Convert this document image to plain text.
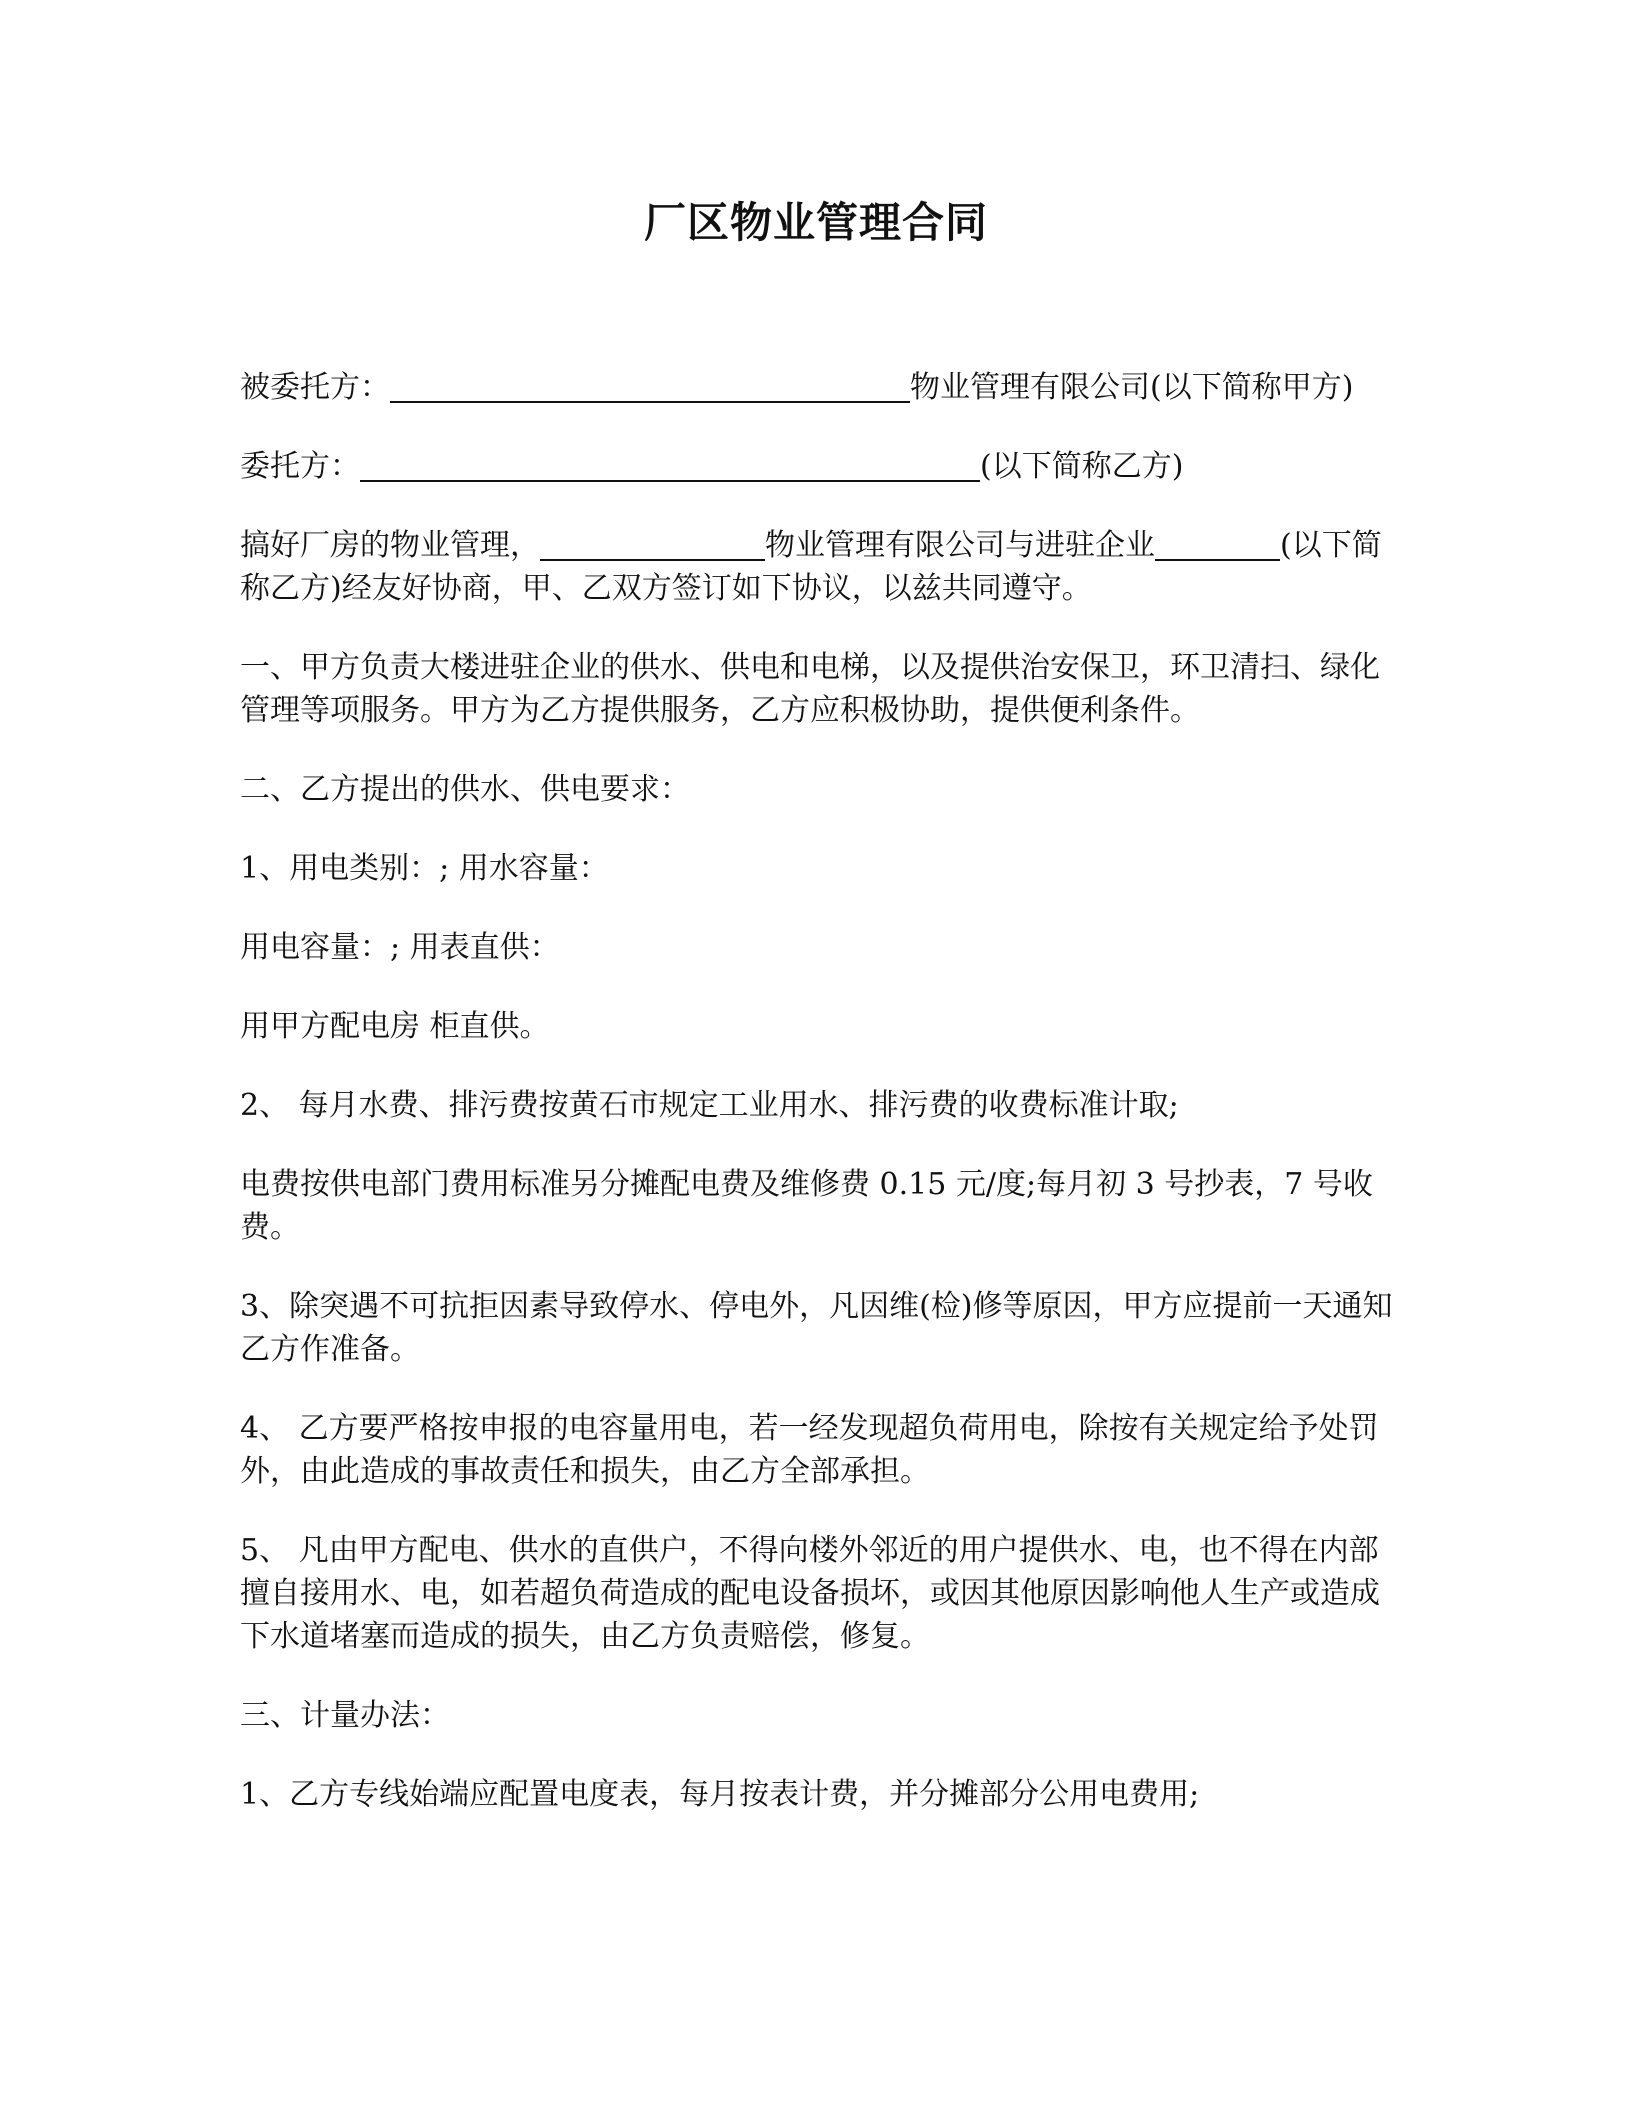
厂区物业管理合同

被委托方：	物业管理有限公司(以下简称甲方)

委托方：	(以下简称乙方)

搞好厂房的物业管理，	物业管理有限公司与进驻企业	(以下简称乙方)经友好协商，甲、乙双方签订如下协议，以兹共同遵守。

一、甲方负责大楼进驻企业的供水、供电和电梯，以及提供治安保卫，环卫清扫、绿化管理等项服务。甲方为乙方提供服务，乙方应积极协助，提供便利条件。

二、乙方提出的供水、供电要求：

1、用电类别：; 用水容量：

用电容量：; 用表直供：

用甲方配电房 柜直供。

2、 每月水费、排污费按黄石市规定工业用水、排污费的收费标准计取;

电费按供电部门费用标准另分摊配电费及维修费 0.15 元/度;每月初 3 号抄表，7 号收费。

3、除突遇不可抗拒因素导致停水、停电外，凡因维(检)修等原因，甲方应提前一天通知乙方作准备。

4、 乙方要严格按申报的电容量用电，若一经发现超负荷用电，除按有关规定给予处罚外，由此造成的事故责任和损失，由乙方全部承担。

5、 凡由甲方配电、供水的直供户，不得向楼外邻近的用户提供水、电，也不得在内部擅自接用水、电，如若超负荷造成的配电设备损坏，或因其他原因影响他人生产或造成下水道堵塞而造成的损失，由乙方负责赔偿，修复。

三、计量办法：

1、乙方专线始端应配置电度表，每月按表计费，并分摊部分公用电费用;
